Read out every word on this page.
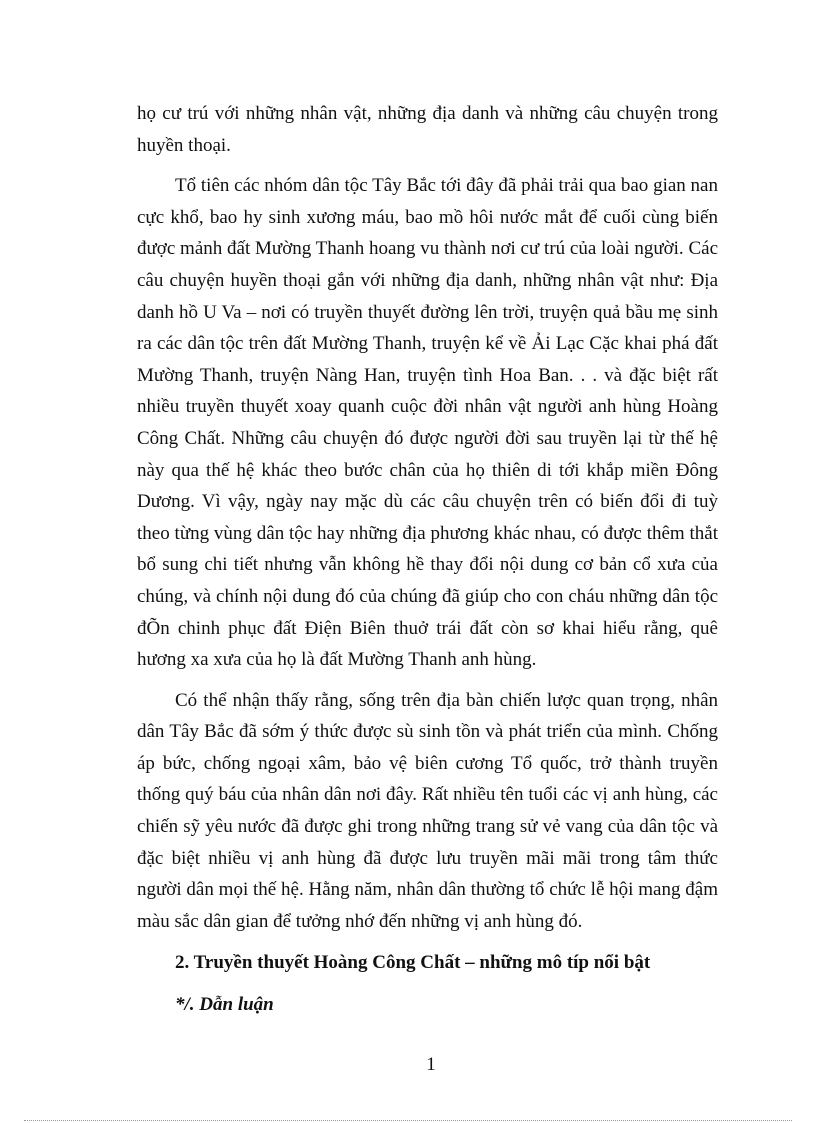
họ cư trú với những nhân vật, những địa danh và những câu chuyện trong huyền thoại.

Tổ tiên các nhóm dân tộc Tây Bắc tới đây đã phải trải qua bao gian nan cực khổ, bao hy sinh xương máu, bao mồ hôi nước mắt để cuối cùng biến được mảnh đất Mường Thanh hoang vu thành nơi cư trú của loài người. Các câu chuyện huyền thoại gắn với những địa danh, những nhân vật như: Địa danh hồ U Va – nơi có truyền thuyết đường lên trời, truyện quả bầu mẹ sinh ra các dân tộc trên đất Mường Thanh, truyện kể về Ải Lạc Cặc khai phá đất Mường Thanh, truyện Nàng Han, truyện tình Hoa Ban. . . và đặc biệt rất nhiều truyền thuyết xoay quanh cuộc đời nhân vật người anh hùng Hoàng Công Chất. Những câu chuyện đó được người đời sau truyền lại từ thế hệ này qua thế hệ khác theo bước chân của họ thiên di tới khắp miền Đông Dương. Vì vậy, ngày nay mặc dù các câu chuyện trên có biến đổi đi tuỳ theo từng vùng dân tộc hay những địa phương khác nhau, có được thêm thắt bổ sung chi tiết nhưng vẫn không hề thay đổi nội dung cơ bản cổ xưa của chúng, và chính nội dung đó của chúng đã giúp cho con cháu những dân tộc đÕn chinh phục đất Điện Biên thuở trái đất còn sơ khai hiểu rằng, quê hương xa xưa của họ là đất Mường Thanh anh hùng.

Có thể nhận thấy rằng, sống trên địa bàn chiến lược quan trọng, nhân dân Tây Bắc đã sớm ý thức được sù sinh tồn và phát triển của mình. Chống áp bức, chống ngoại xâm, bảo vệ biên cương Tổ quốc, trở thành truyền thống quý báu của nhân dân nơi đây. Rất nhiều tên tuổi các vị anh hùng, các chiến sỹ yêu nước đã được ghi trong những trang sử vẻ vang của dân tộc và đặc biệt nhiều vị anh hùng đã được lưu truyền mãi mãi trong tâm thức người dân mọi thế hệ. Hằng năm, nhân dân thường tổ chức lễ hội mang đậm màu sắc dân gian để tưởng nhớ đến những vị anh hùng đó.

2. Truyền thuyết Hoàng Công Chất – những mô típ nổi bật
*/. Dẫn luận
1
